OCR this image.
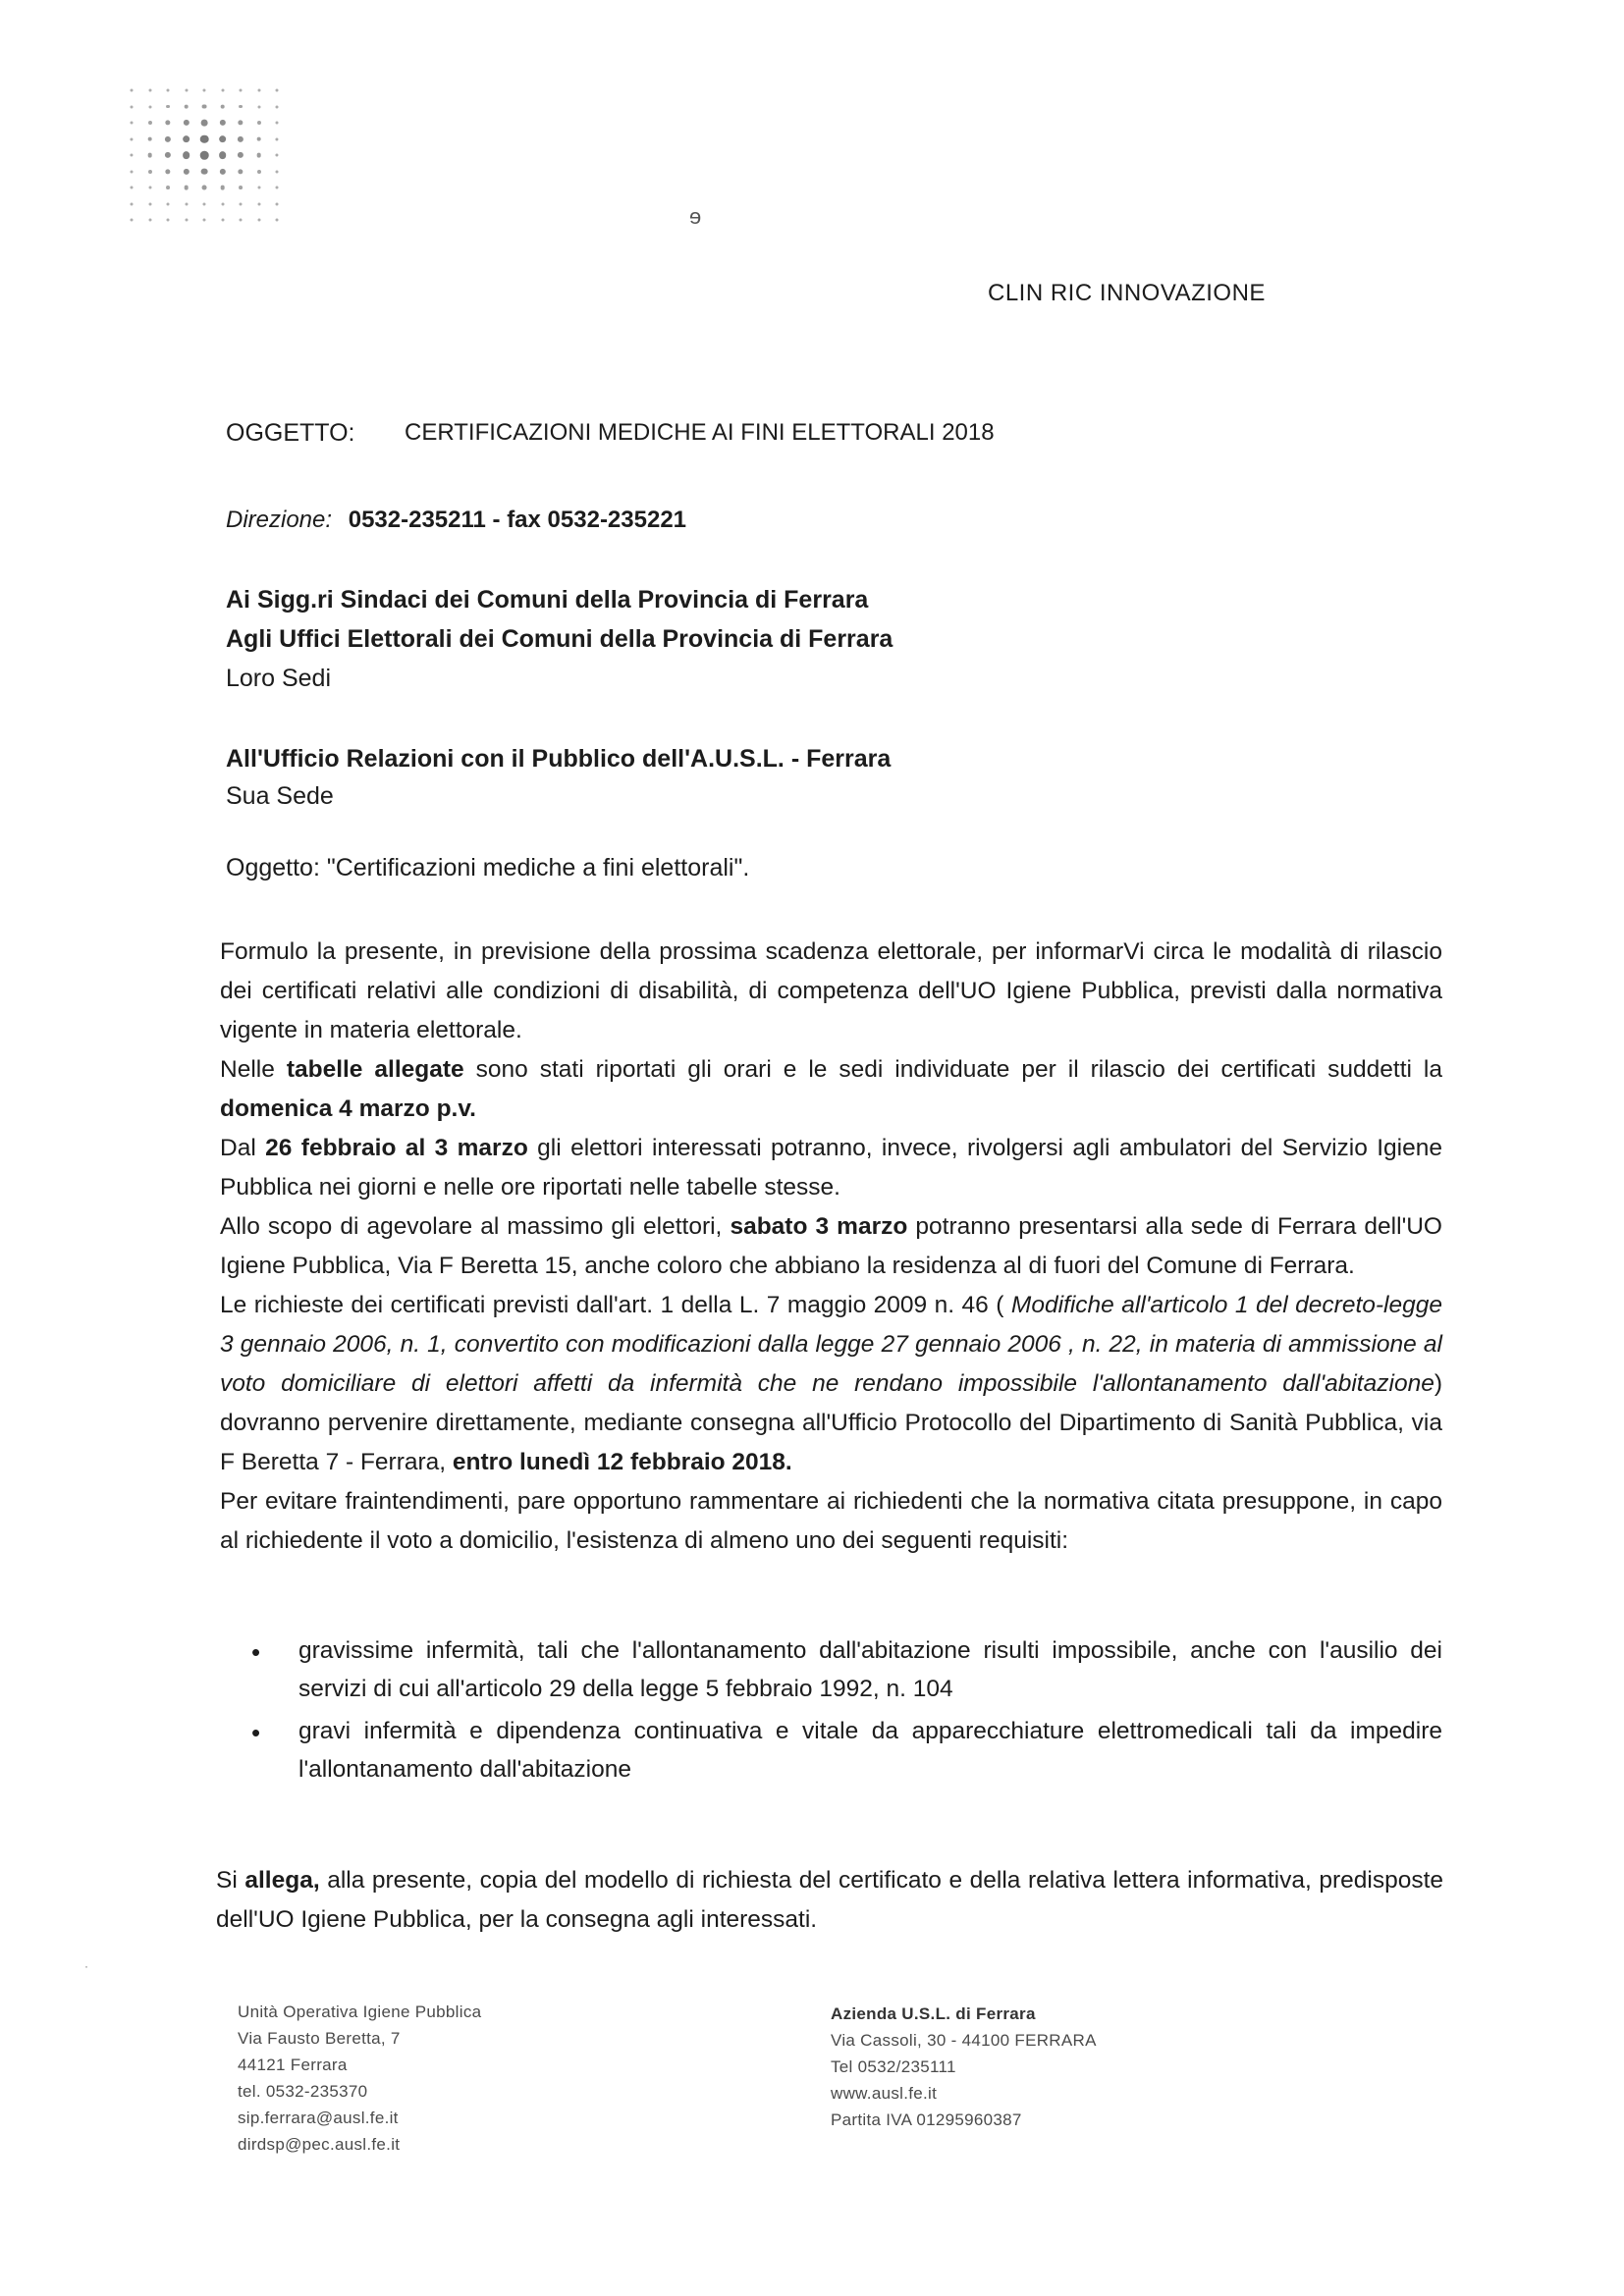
ɘ
CLIN RIC INNOVAZIONE
OGGETTO: CERTIFICAZIONI MEDICHE AI FINI ELETTORALI 2018
Direzione: 0532-235211 - fax 0532-235221
Ai Sigg.ri Sindaci dei Comuni della Provincia di Ferrara
Agli Uffici Elettorali dei Comuni della Provincia di Ferrara
Loro Sedi
All'Ufficio Relazioni con il Pubblico dell'A.U.S.L. - Ferrara
Sua Sede
Oggetto: "Certificazioni mediche a fini elettorali".

Formulo la presente, in previsione della prossima scadenza elettorale, per informarVi circa le modalità di rilascio dei certificati relativi alle condizioni di disabilità, di competenza dell'UO Igiene Pubblica, previsti dalla normativa vigente in materia elettorale.

Nelle tabelle allegate sono stati riportati gli orari e le sedi individuate per il rilascio dei certificati suddetti la domenica 4 marzo p.v.

Dal 26 febbraio al 3 marzo gli elettori interessati potranno, invece, rivolgersi agli ambulatori del Servizio Igiene Pubblica nei giorni e nelle ore riportati nelle tabelle stesse.

Allo scopo di agevolare al massimo gli elettori, sabato 3 marzo potranno presentarsi alla sede di Ferrara dell'UO Igiene Pubblica, Via F Beretta 15, anche coloro che abbiano la residenza al di fuori del Comune di Ferrara.

Le richieste dei certificati previsti dall'art. 1 della L. 7 maggio 2009 n. 46 ( Modifiche all'articolo 1 del decreto-legge 3 gennaio 2006, n. 1, convertito con modificazioni dalla legge 27 gennaio 2006 , n. 22, in materia di ammissione al voto domiciliare di elettori affetti da infermità che ne rendano impossibile l'allontanamento dall'abitazione) dovranno pervenire direttamente, mediante consegna all'Ufficio Protocollo del Dipartimento di Sanità Pubblica, via F Beretta 7 - Ferrara, entro lunedì 12 febbraio 2018.

Per evitare fraintendimenti, pare opportuno rammentare ai richiedenti che la normativa citata presuppone, in capo al richiedente il voto a domicilio, l'esistenza di almeno uno dei seguenti requisiti:

• gravissime infermità, tali che l'allontanamento dall'abitazione risulti impossibile, anche con l'ausilio dei servizi di cui all'articolo 29 della legge 5 febbraio 1992, n. 104
• gravi infermità e dipendenza continuativa e vitale da apparecchiature elettromedicali tali da impedire l'allontanamento dall'abitazione
Si allega, alla presente, copia del modello di richiesta del certificato e della relativa lettera informativa, predisposte dell'UO Igiene Pubblica, per la consegna agli interessati.
·
Unità Operativa Igiene Pubblica
Via Fausto Beretta, 7
44121 Ferrara
tel. 0532-235370
sip.ferrara@ausl.fe.it
dirdsp@pec.ausl.fe.it
Azienda U.S.L. di Ferrara
Via Cassoli, 30 - 44100 FERRARA
Tel 0532/235111
www.ausl.fe.it
Partita IVA 01295960387
